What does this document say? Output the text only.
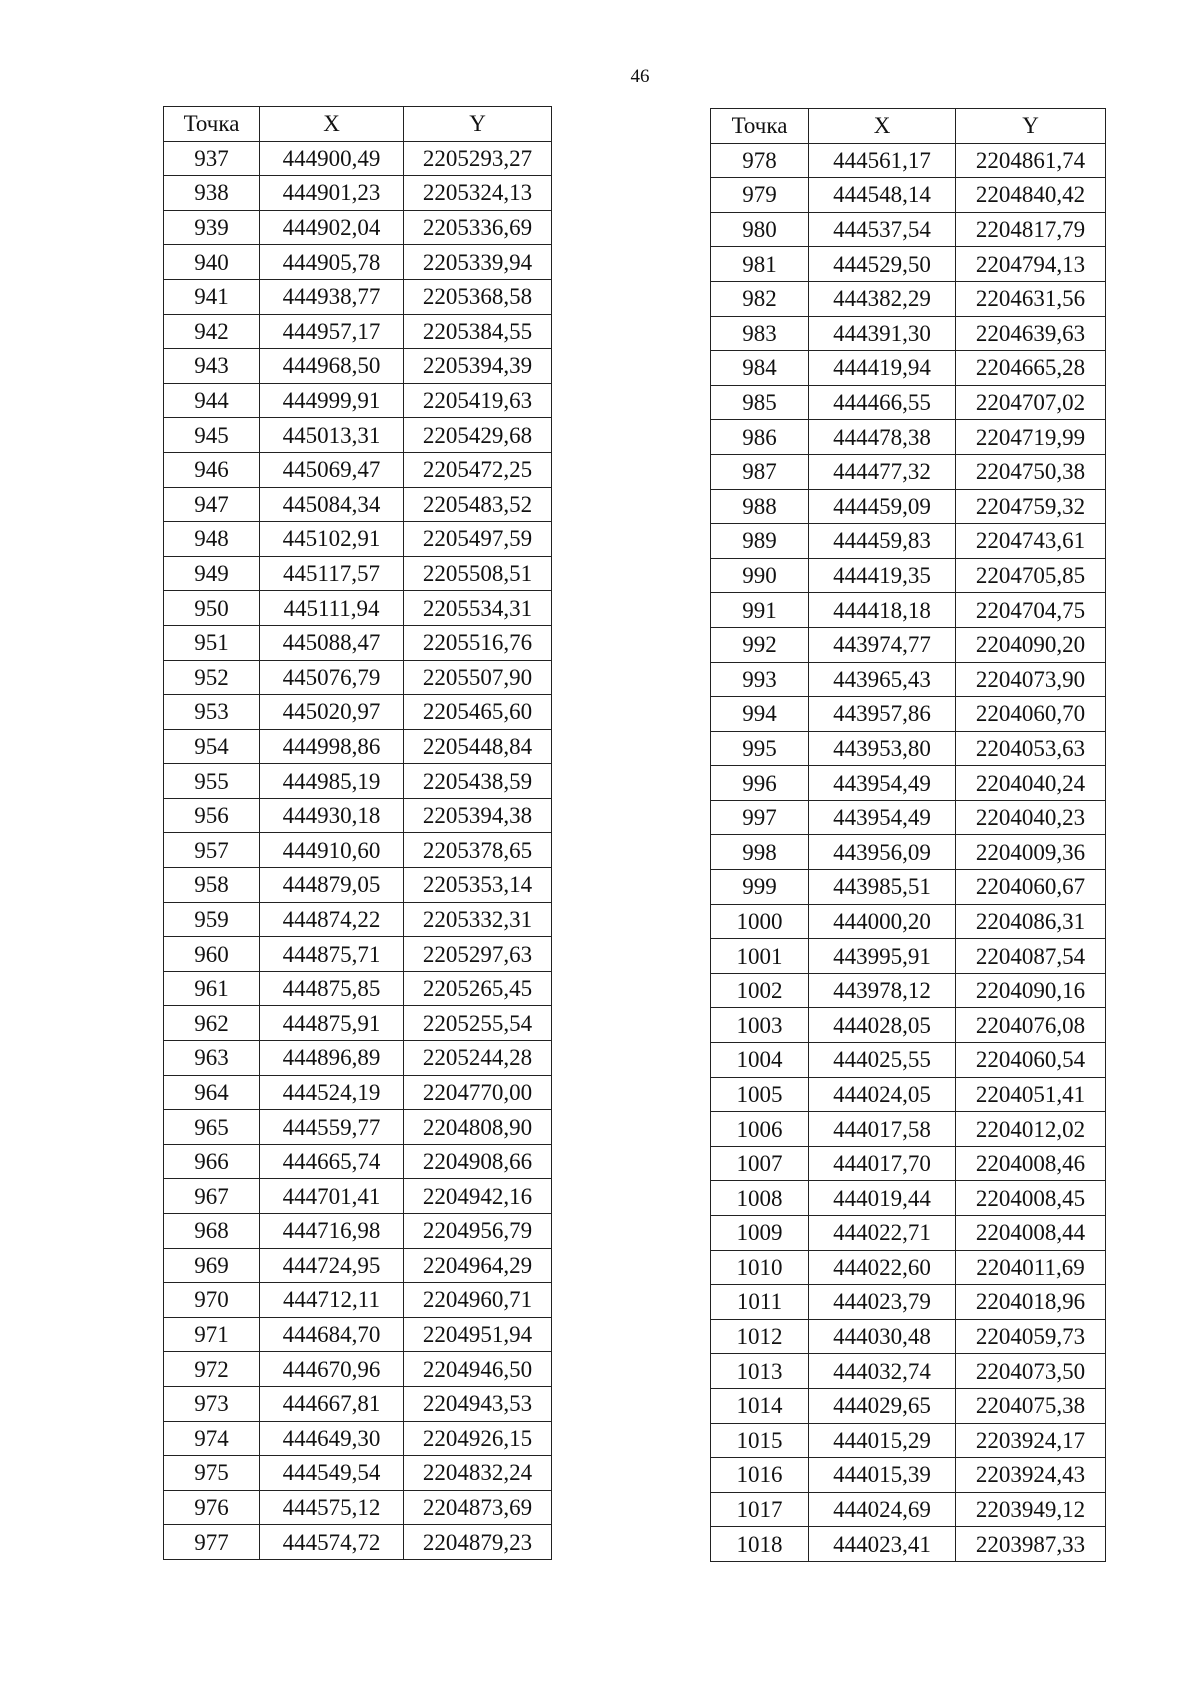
46
Точка	X	Y
937	444900,49	2205293,27
938	444901,23	2205324,13
939	444902,04	2205336,69
940	444905,78	2205339,94
941	444938,77	2205368,58
942	444957,17	2205384,55
943	444968,50	2205394,39
944	444999,91	2205419,63
945	445013,31	2205429,68
946	445069,47	2205472,25
947	445084,34	2205483,52
948	445102,91	2205497,59
949	445117,57	2205508,51
950	445111,94	2205534,31
951	445088,47	2205516,76
952	445076,79	2205507,90
953	445020,97	2205465,60
954	444998,86	2205448,84
955	444985,19	2205438,59
956	444930,18	2205394,38
957	444910,60	2205378,65
958	444879,05	2205353,14
959	444874,22	2205332,31
960	444875,71	2205297,63
961	444875,85	2205265,45
962	444875,91	2205255,54
963	444896,89	2205244,28
964	444524,19	2204770,00
965	444559,77	2204808,90
966	444665,74	2204908,66
967	444701,41	2204942,16
968	444716,98	2204956,79
969	444724,95	2204964,29
970	444712,11	2204960,71
971	444684,70	2204951,94
972	444670,96	2204946,50
973	444667,81	2204943,53
974	444649,30	2204926,15
975	444549,54	2204832,24
976	444575,12	2204873,69
977	444574,72	2204879,23
Точка	X	Y
978	444561,17	2204861,74
979	444548,14	2204840,42
980	444537,54	2204817,79
981	444529,50	2204794,13
982	444382,29	2204631,56
983	444391,30	2204639,63
984	444419,94	2204665,28
985	444466,55	2204707,02
986	444478,38	2204719,99
987	444477,32	2204750,38
988	444459,09	2204759,32
989	444459,83	2204743,61
990	444419,35	2204705,85
991	444418,18	2204704,75
992	443974,77	2204090,20
993	443965,43	2204073,90
994	443957,86	2204060,70
995	443953,80	2204053,63
996	443954,49	2204040,24
997	443954,49	2204040,23
998	443956,09	2204009,36
999	443985,51	2204060,67
1000	444000,20	2204086,31
1001	443995,91	2204087,54
1002	443978,12	2204090,16
1003	444028,05	2204076,08
1004	444025,55	2204060,54
1005	444024,05	2204051,41
1006	444017,58	2204012,02
1007	444017,70	2204008,46
1008	444019,44	2204008,45
1009	444022,71	2204008,44
1010	444022,60	2204011,69
1011	444023,79	2204018,96
1012	444030,48	2204059,73
1013	444032,74	2204073,50
1014	444029,65	2204075,38
1015	444015,29	2203924,17
1016	444015,39	2203924,43
1017	444024,69	2203949,12
1018	444023,41	2203987,33
